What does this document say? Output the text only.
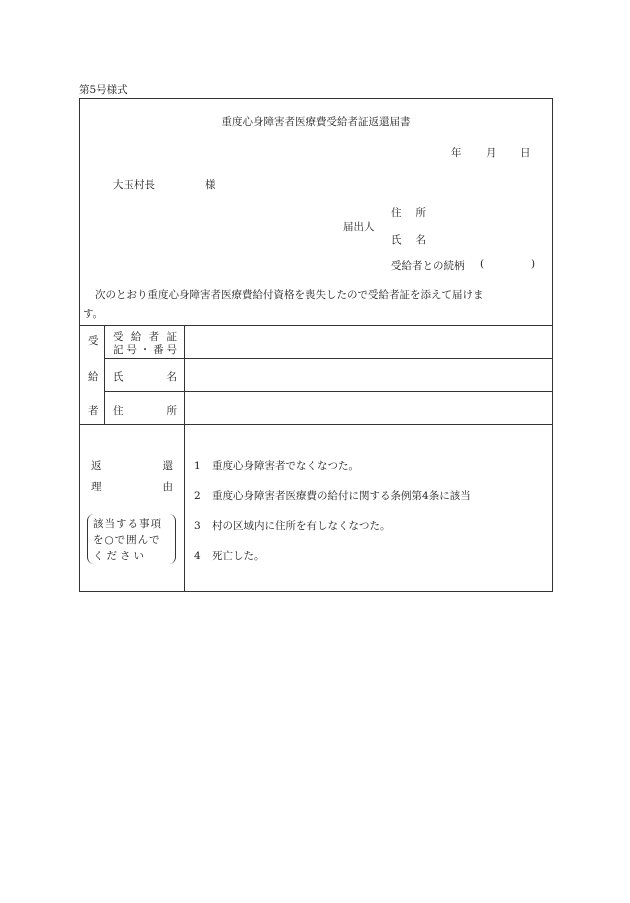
第5号様式
重度心身障害者医療費受給者証返還届書
年 月 日
大玉村長	様
届出人
住 所
氏 名
受給者との続柄 (	)
次のとおり重度心身障害者医療費給付資格を喪失したので受給者証を添えて届けま
す。
受
給
者
受 給 者 証
記 号 ・ 番 号
氏	名
住	所
返	還
理	由
該当する事項
を○で囲んで
ください
1 重度心身障害者でなくなつた。
2 重度心身障害者医療費の給付に関する条例第4条に該当
3 村の区域内に住所を有しなくなつた。
4 死亡した。
